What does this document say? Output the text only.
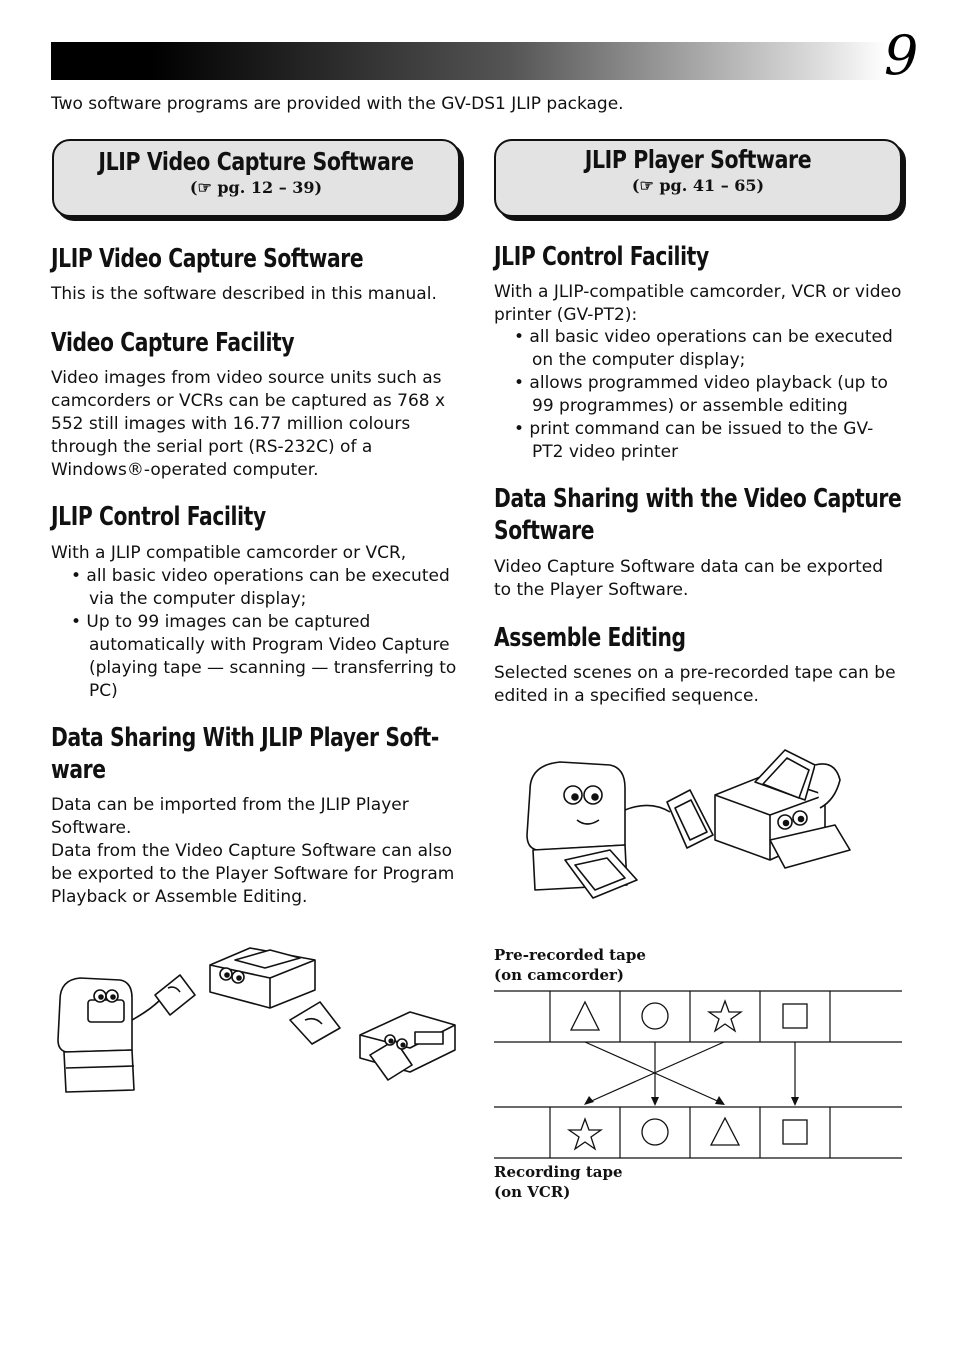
9
Two software programs are provided with the GV-DS1 JLIP package.
JLIP Video Capture Software
(☞ pg. 12 – 39)
JLIP Player Software
(☞ pg. 41 – 65)
JLIP Video Capture Software
This is the software described in this manual.
Video Capture Facility
Video images from video source units such as camcorders or VCRs can be captured as 768 x 552 still images with 16.77 million colours through the serial port (RS-232C) of a Windows®-operated computer.
JLIP Control Facility
With a JLIP compatible camcorder or VCR,
• all basic video operations can be executed via the computer display;
• Up to 99 images can be captured automatically with Program Video Capture (playing tape — scanning — transferring to PC)
Data Sharing With JLIP Player Soft-
ware
Data can be imported from the JLIP Player Software.
Data from the Video Capture Software can also be exported to the Player Software for Program Playback or Assemble Editing.
JLIP Control Facility
With a JLIP-compatible camcorder, VCR or video printer (GV-PT2):
• all basic video operations can be executed on the computer display;
• allows programmed video playback (up to 99 programmes) or assemble editing
• print command can be issued to the GV-PT2 video printer
Data Sharing with the Video Capture
Software
Video Capture Software data can be exported to the Player Software.
Assemble Editing
Selected scenes on a pre-recorded tape can be edited in a specified sequence.
Pre-recorded tape
(on camcorder)
Recording tape
(on VCR)
